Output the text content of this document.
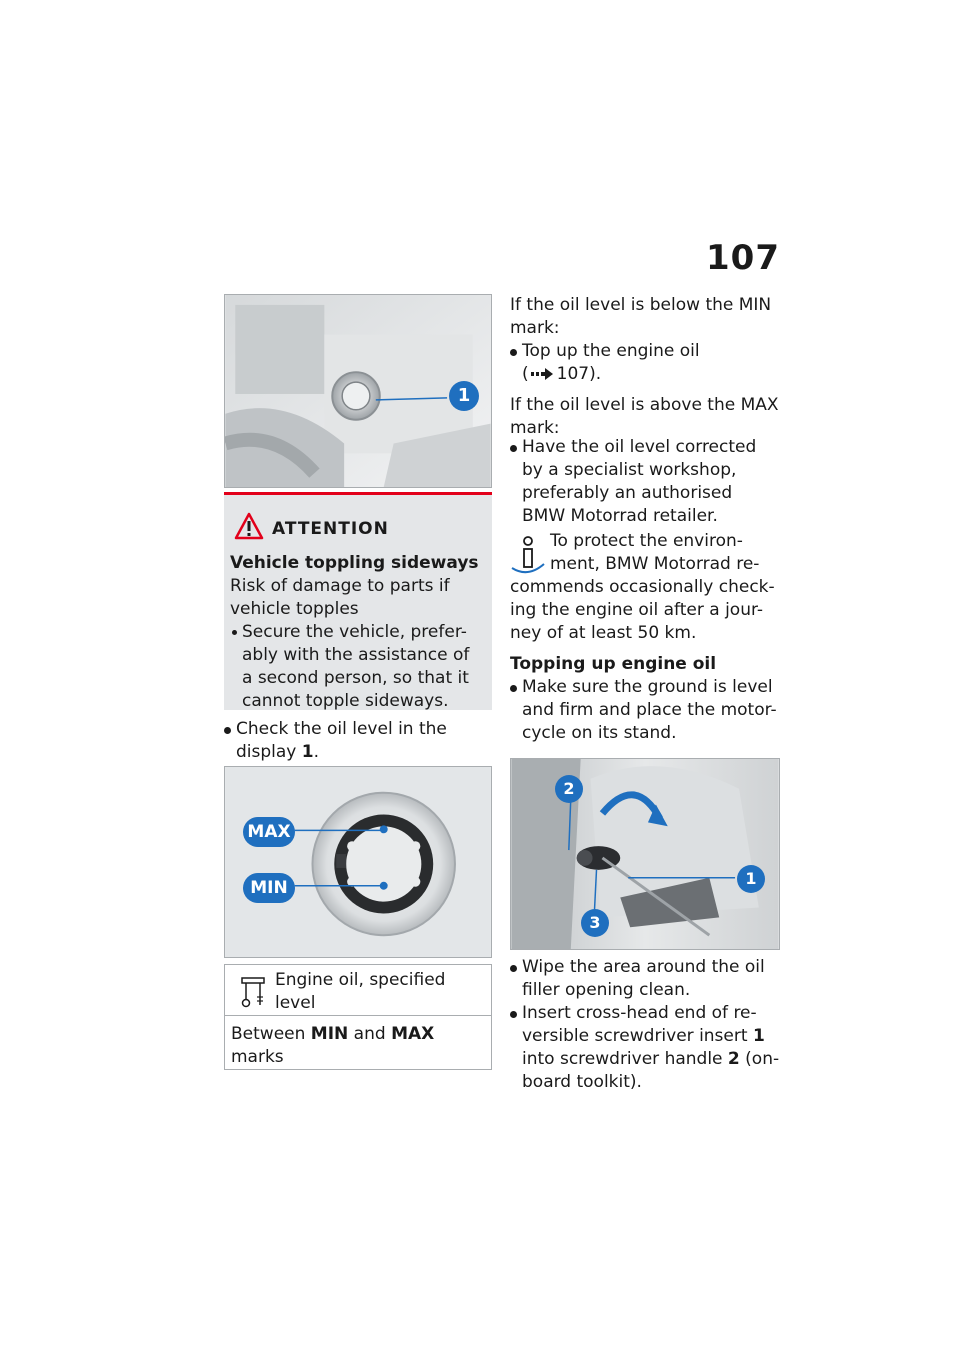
107
1
ATTENTION
Vehicle toppling sideways
Risk of damage to parts if
vehicle topples
Secure the vehicle, prefer-
ably with the assistance of
a second person, so that it
cannot topple sideways.
Check the oil level in the
display 1.
MAX
MIN
Engine oil, specified
level
Between MIN and MAX
marks
If the oil level is below the MIN
mark:
Top up the engine oil
( 107).
If the oil level is above the MAX
mark:
Have the oil level corrected
by a specialist workshop,
preferably an authorised
BMW Motorrad retailer.
To protect the environ-
ment, BMW Motorrad re-
commends occasionally check-
ing the engine oil after a jour-
ney of at least 50 km.
Topping up engine oil
Make sure the ground is level
and firm and place the motor-
cycle on its stand.
2
1
3
Wipe the area around the oil
filler opening clean.
Insert cross-head end of re-
versible screwdriver insert 1
into screwdriver handle 2 (on-
board toolkit).
